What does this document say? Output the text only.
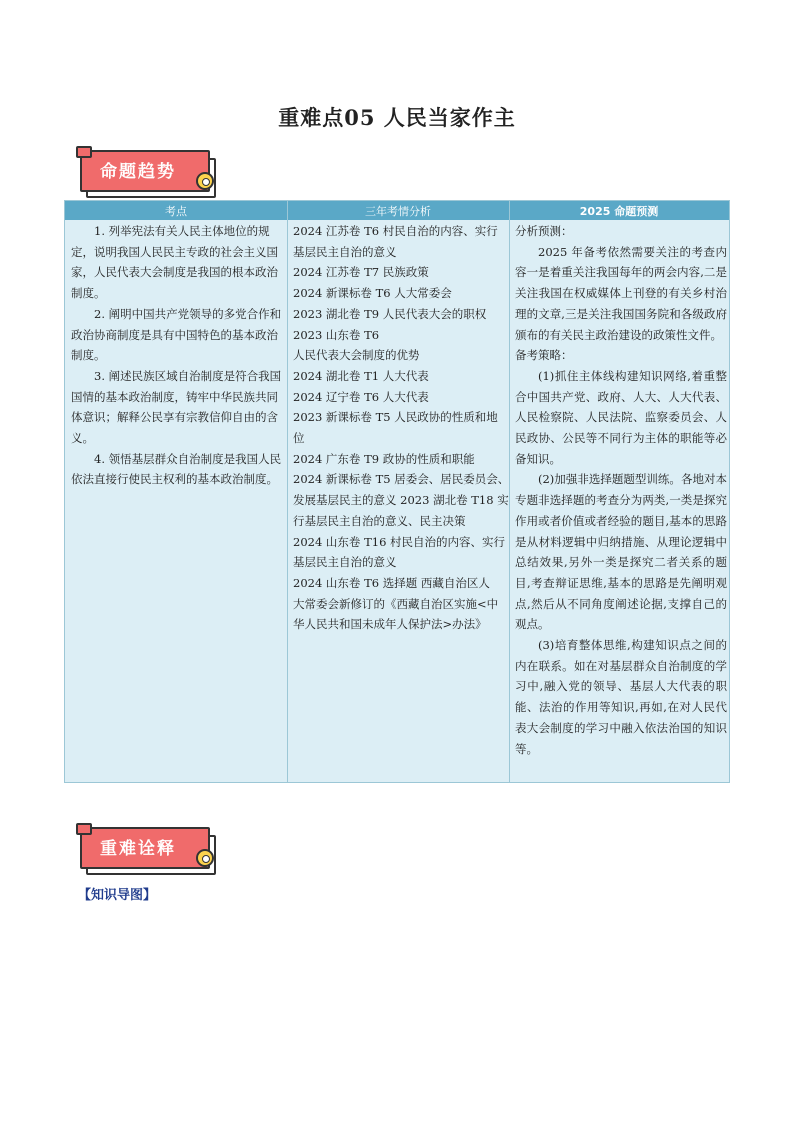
重难点05 人民当家作主
命题趋势
考点	三年考情分析	2025 命题预测

1. 列举宪法有关人民主体地位的规定，说明我国人民民主专政的社会主义国家，人民代表大会制度是我国的根本政治制度。

2. 阐明中国共产党领导的多党合作和政治协商制度是具有中国特色的基本政治制度。

3. 阐述民族区域自治制度是符合我国国情的基本政治制度，铸牢中华民族共同体意识；解释公民享有宗教信仰自由的含义。

4. 领悟基层群众自治制度是我国人民依法直接行使民主权利的基本政治制度。

2024 江苏卷 T6 村民自治的内容、实行
基层民主自治的意义
2024 江苏卷 T7 民族政策
2024 新课标卷 T6 人大常委会
2023 湖北卷 T9 人民代表大会的职权
2023 山东卷 T6
人民代表大会制度的优势
2024 湖北卷 T1 人大代表
2024 辽宁卷 T6 人大代表
2023 新课标卷 T5 人民政协的性质和地
位
2024 广东卷 T9 政协的性质和职能
2024 新课标卷 T5 居委会、居民委员会、
发展基层民主的意义 2023 湖北卷 T18 实
行基层民主自治的意义、民主决策
2024 山东卷 T16 村民自治的内容、实行
基层民主自治的意义
2024 山东卷 T6 选择题 西藏自治区人
大常委会新修订的《西藏自治区实施<中
华人民共和国未成年人保护法>办法》

分析预测：

2025 年备考依然需要关注的考查内容一是着重关注我国每年的两会内容,二是关注我国在权威媒体上刊登的有关乡村治理的文章,三是关注我国国务院和各级政府颁布的有关民主政治建设的政策性文件。

备考策略：

(1)抓住主体线构建知识网络,着重整合中国共产党、政府、人大、人大代表、人民检察院、人民法院、监察委员会、人民政协、公民等不同行为主体的职能等必备知识。

(2)加强非选择题题型训练。各地对本专题非选择题的考查分为两类,一类是探究作用或者价值或者经验的题目,基本的思路是从材料逻辑中归纳措施、从理论逻辑中总结效果,另外一类是探究二者关系的题目,考查辩证思维,基本的思路是先阐明观点,然后从不同角度阐述论据,支撑自己的观点。

(3)培育整体思维,构建知识点之间的内在联系。如在对基层群众自治制度的学习中,融入党的领导、基层人大代表的职能、法治的作用等知识,再如,在对人民代表大会制度的学习中融入依法治国的知识等。

重难诠释
【知识导图】
